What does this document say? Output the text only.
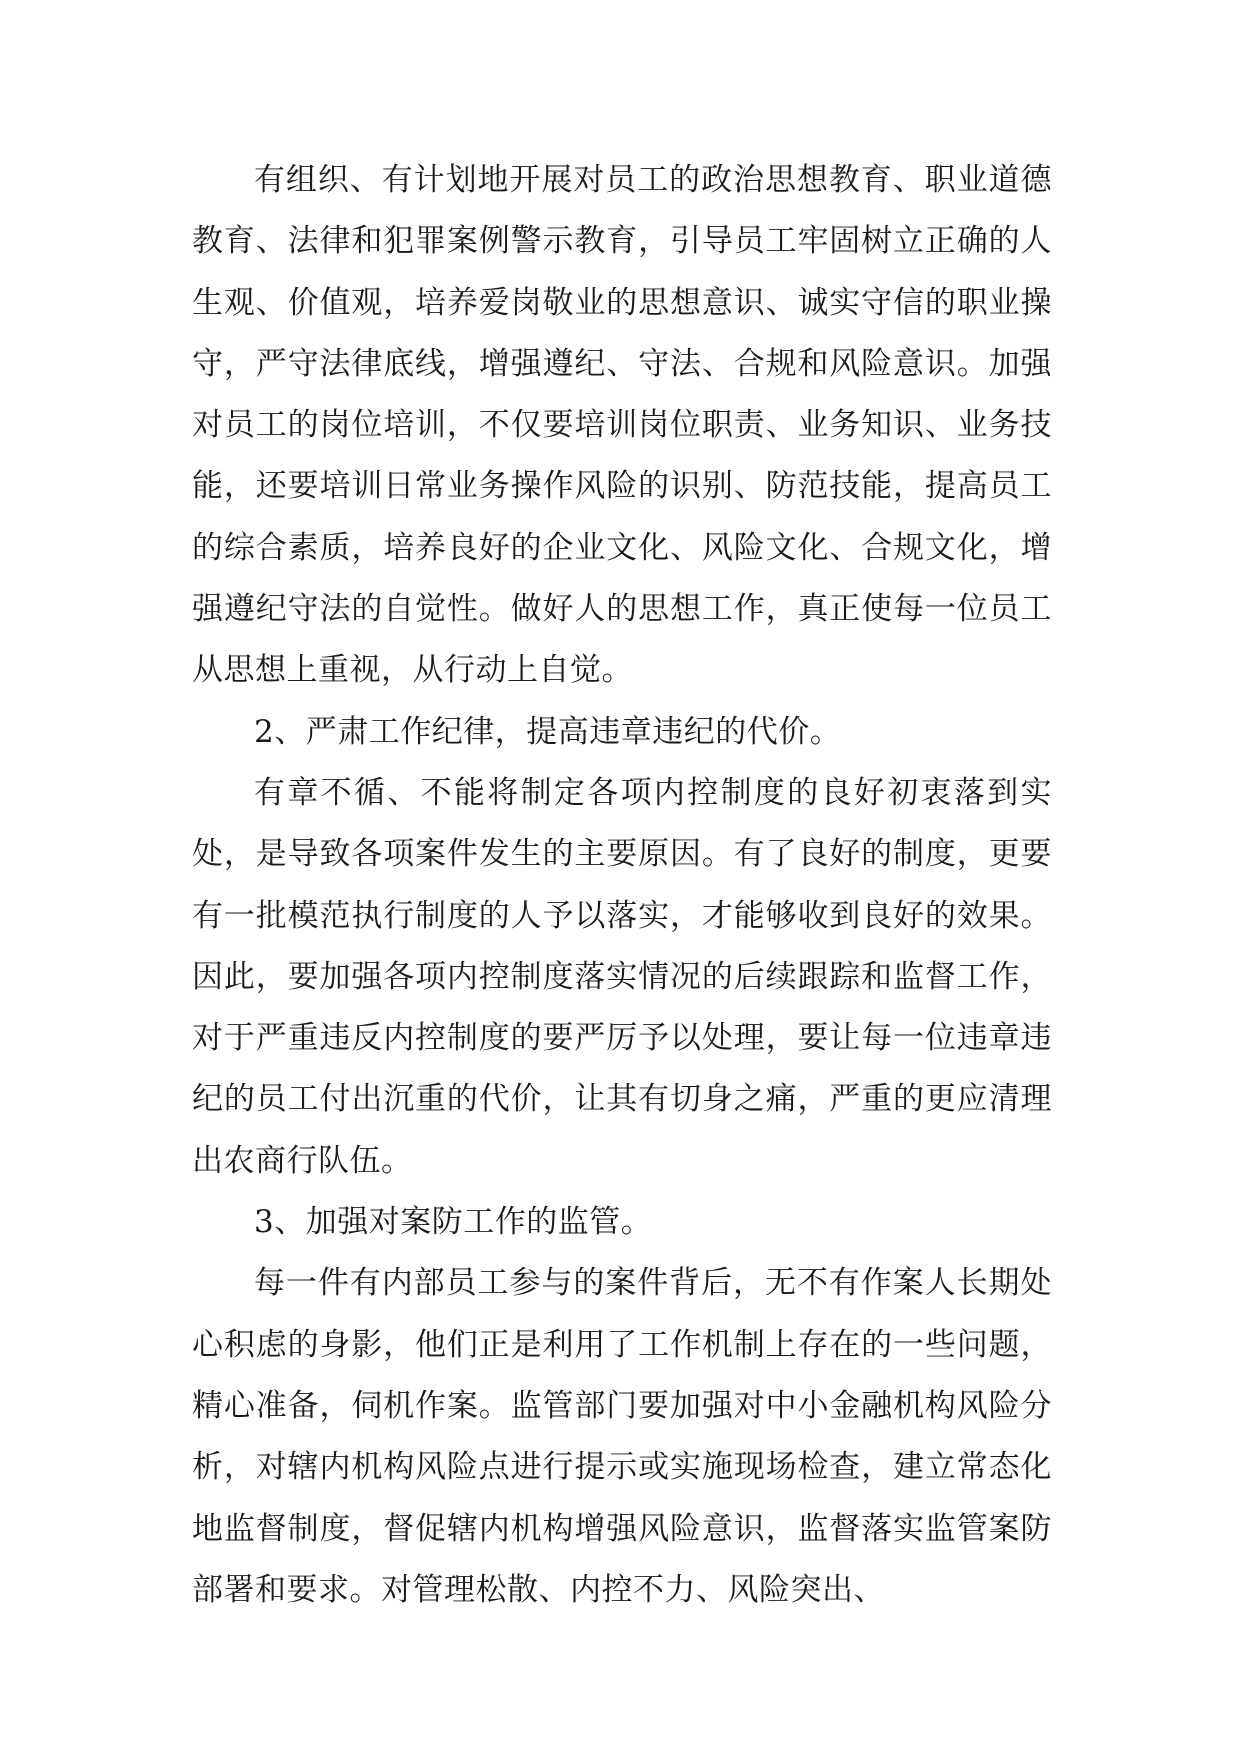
有组织、有计划地开展对员工的政治思想教育、职业道德教育、法律和犯罪案例警示教育，引导员工牢固树立正确的人生观、价值观，培养爱岗敬业的思想意识、诚实守信的职业操守，严守法律底线，增强遵纪、守法、合规和风险意识。加强对员工的岗位培训，不仅要培训岗位职责、业务知识、业务技能，还要培训日常业务操作风险的识别、防范技能，提高员工的综合素质，培养良好的企业文化、风险文化、合规文化，增强遵纪守法的自觉性。做好人的思想工作，真正使每一位员工从思想上重视，从行动上自觉。

2、严肃工作纪律，提高违章违纪的代价。

有章不循、不能将制定各项内控制度的良好初衷落到实处，是导致各项案件发生的主要原因。有了良好的制度，更要有一批模范执行制度的人予以落实，才能够收到良好的效果。因此，要加强各项内控制度落实情况的后续跟踪和监督工作，对于严重违反内控制度的要严厉予以处理，要让每一位违章违纪的员工付出沉重的代价，让其有切身之痛，严重的更应清理出农商行队伍。

3、加强对案防工作的监管。

每一件有内部员工参与的案件背后，无不有作案人长期处心积虑的身影，他们正是利用了工作机制上存在的一些问题，精心准备，伺机作案。监管部门要加强对中小金融机构风险分析，对辖内机构风险点进行提示或实施现场检查，建立常态化地监督制度，督促辖内机构增强风险意识，监督落实监管案防部署和要求。对管理松散、内控不力、风险突出、
